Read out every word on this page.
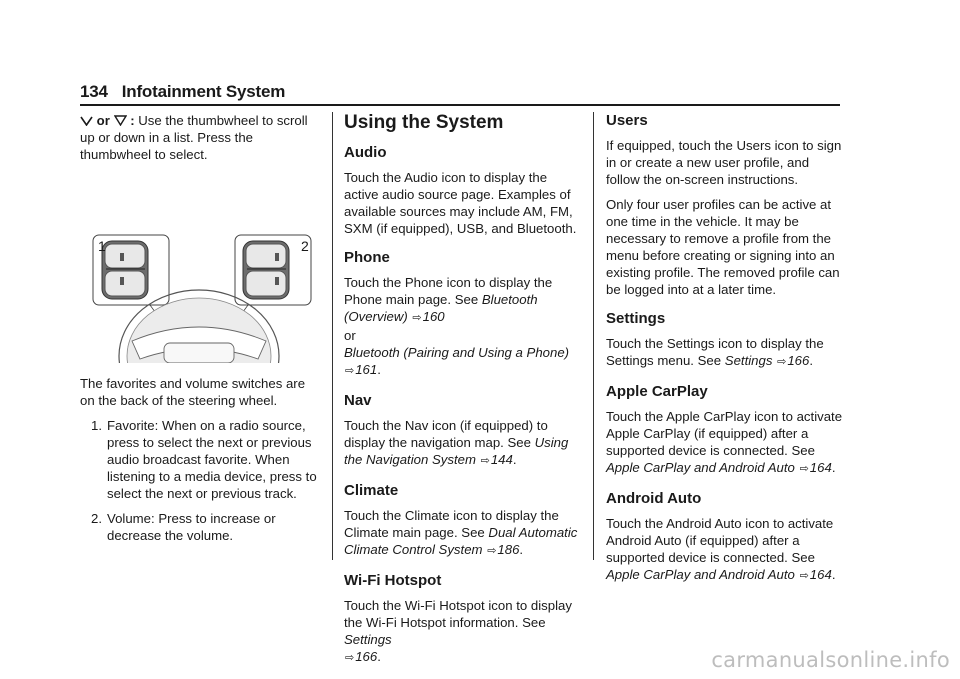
134 Infotainment System

or : Use the thumbwheel to scroll up or down in a list. Press the thumbwheel to select.

1	2

The favorites and volume switches are on the back of the steering wheel.

1. Favorite: When on a radio source, press to select the next or previous audio broadcast favorite. When listening to a media device, press to select the next or previous track.
2. Volume: Press to increase or decrease the volume.
Using the System
Audio

Touch the Audio icon to display the active audio source page. Examples of available sources may include AM, FM, SXM (if equipped), USB, and Bluetooth.

Phone

Touch the Phone icon to display the Phone main page. See Bluetooth (Overview) ⇨160
or
Bluetooth (Pairing and Using a Phone) ⇨161.

Nav

Touch the Nav icon (if equipped) to display the navigation map. See Using the Navigation System ⇨144.

Climate

Touch the Climate icon to display the Climate main page. See Dual Automatic Climate Control System ⇨186.

Wi-Fi Hotspot

Touch the Wi-Fi Hotspot icon to display the Wi-Fi Hotspot information. See Settings
⇨166.

Users

If equipped, touch the Users icon to sign in or create a new user profile, and follow the on-screen instructions.

Only four user profiles can be active at one time in the vehicle. It may be necessary to remove a profile from the menu before creating or signing into an existing profile. The removed profile can be logged into at a later time.

Settings

Touch the Settings icon to display the Settings menu. See Settings ⇨166.

Apple CarPlay

Touch the Apple CarPlay icon to activate Apple CarPlay (if equipped) after a supported device is connected. See Apple CarPlay and Android Auto ⇨164.

Android Auto

Touch the Android Auto icon to activate Android Auto (if equipped) after a supported device is connected. See Apple CarPlay and Android Auto ⇨164.

carmanualsonline.info
